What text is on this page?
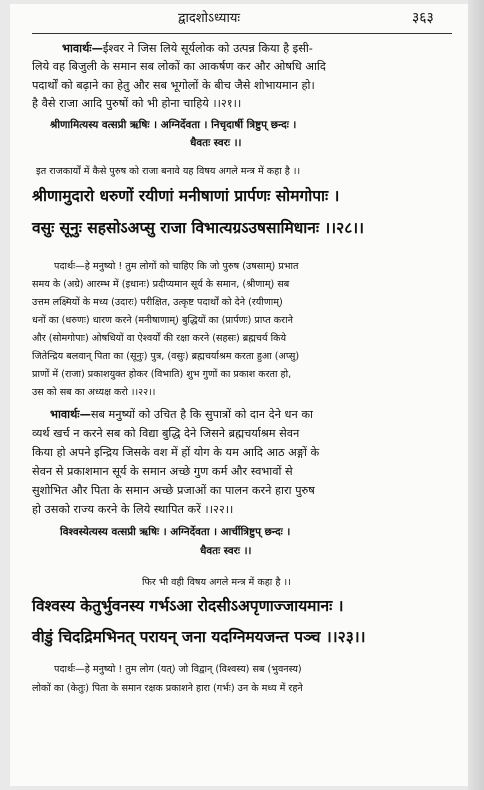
द्वादशोऽध्यायः	३६३
भावार्थः—ईश्वर ने जिस लिये सूर्यलोक को उत्पन्न किया है इसी-
लिये वह बिजुली के समान सब लोकों का आकर्षण कर और ओषधि आदि
पदार्थों को बढ़ाने का हेतु और सब भूगोलों के बीच जैसे शोभायमान हो।
है वैसे राजा आदि पुरुषों को भी होना चाहिये ।।२१।।
श्रीणामित्यस्य वत्सप्री ऋषिः । अग्निर्देवता । निचृदार्षी त्रिष्टुप् छन्दः ।
धैवतः स्वरः ।।
इत राजकार्यों में कैसे पुरुष को राजा बनावे यह विषय अगले मन्त्र में कहा है ।।
श्रीणामुदारो धरुणों रयीणां मनीषाणां प्रार्पणः सोमगोपाः ।
वसुः सूनुः सहसोऽअप्सु राजा विभात्यग्रऽउषसामिधानः ।।२८।।
पदार्थः—हे मनुष्यो ! तुम लोगों को चाहिए कि जो पुरुष (उषसाम्) प्रभात
समय के (अग्रे) आरम्भ में (इधानः) प्रदीप्यमान सूर्य के समान, (श्रीणाम्) सब
उत्तम लक्ष्मियों के मध्य (उदारः) परीक्षित, उत्कृष्ट पदार्थों को देने (रयीणाम्)
धनों का (धरुणः) धारण करने (मनीषाणाम्) बुद्धियों का (प्रार्पणः) प्राप्त कराने
और (सोमगोपाः) ओषधियों वा ऐश्वर्यों की रक्षा करने (सहसः) ब्रह्मचर्य किये
जितेन्द्रिय बलवान् पिता का (सूनुः) पुत्र, (वसुः) ब्रह्मचर्याश्रम करता हुआ (अप्सु)
प्राणों में (राजा) प्रकाशयुक्त होकर (विभाति) शुभ गुणों का प्रकाश करता हो,
उस को सब का अध्यक्ष करो ।।२२।।
भावार्थः—सब मनुष्यों को उचित है कि सुपात्रों को दान देने धन का
व्यर्थ खर्च न करने सब को विद्या बुद्धि देने जिसने ब्रह्मचर्याश्रम सेवन
किया हो अपने इन्द्रिय जिसके वश में हों योग के यम आदि आठ अङ्गों के
सेवन से प्रकाशमान सूर्य के समान अच्छे गुण कर्म और स्वभावों से
सुशोभित और पिता के समान अच्छे प्रजाओं का पालन करने हारा पुरुष
हो उसको राज्य करने के लिये स्थापित करें ।।२२।।
विश्वस्येत्यस्य वत्सप्री ऋषिः । अग्निर्देवता । आर्चीत्रिष्टुप् छन्दः ।
धैवतः स्वरः ।।
फिर भी वही विषय अगले मन्त्र में कहा है ।।
विश्वस्य केतुर्भुवनस्य गर्भऽआ रोदसीऽअपृणाज्जायमानः ।
वीडुं चिदद्रिमभिनत् परायन् जना यदग्निमयजन्त पञ्च ।।२३।।
पदार्थः—हे मनुष्यो ! तुम लोग (यत्) जो विद्वान् (विश्वस्य) सब (भुवनस्य)
लोकों का (केतुः) पिता के समान रक्षक प्रकाशने हारा (गर्भः) उन के मध्य में रहने
